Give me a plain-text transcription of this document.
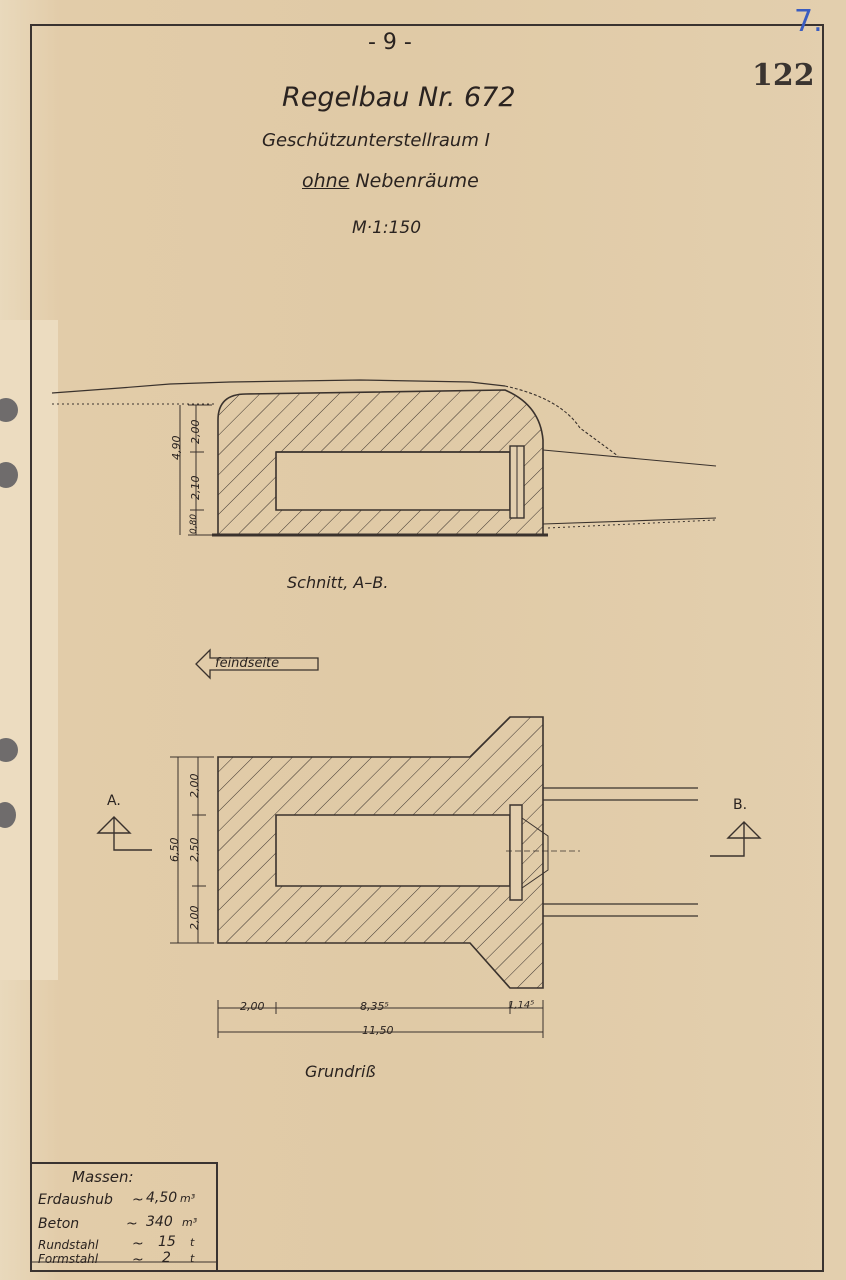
- 9 -
122
7.
Regelbau Nr. 672
Geschützunterstellraum I
ohne Nebenräume
M·1:150
4,90
2,00
2,10
0,80
Schnitt, A–B.
feindseite
A.	B.
6,50
2,00
2,50
2,00
2,00	8,35⁵	1,14⁵
11,50
Grundriß
Massen:
Erdaushub ~ 4,50 m³
Beton	~ 340 m³
Rundstahl ~ 15 t
Formstahl ~ 2 t
